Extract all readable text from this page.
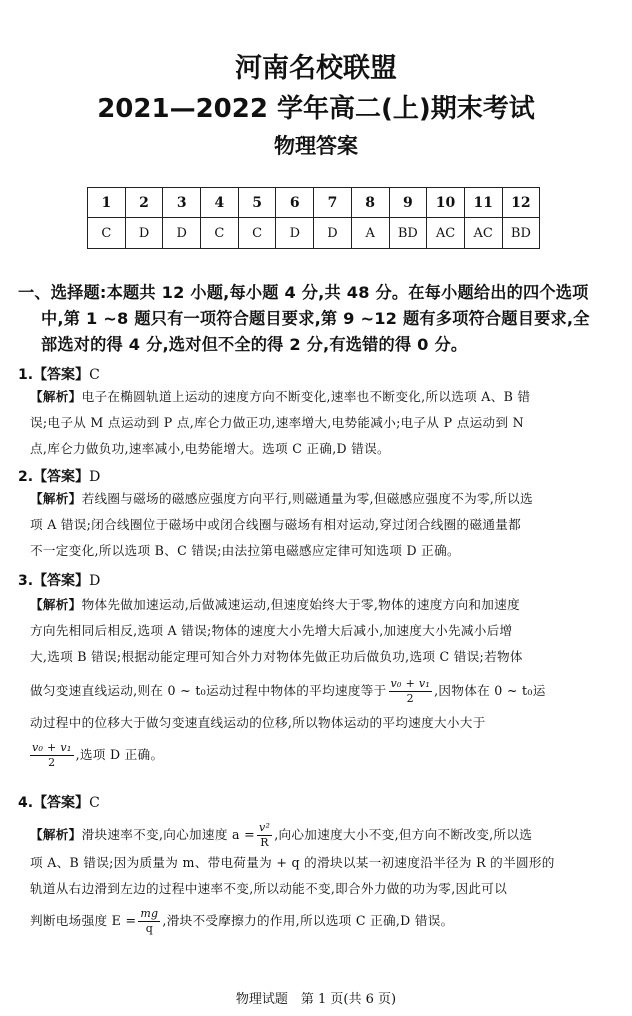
河南名校联盟
2021—2022 学年高二(上)期末考试
物理答案
1	2	3	4	5	6	7	8	9	10	11	12
C	D	D	C	C	D	D	A	BD	AC	AC	BD
一、选择题:本题共 12 小题,每小题 4 分,共 48 分。在每小题给出的四个选项
中,第 1 ~8 题只有一项符合题目要求,第 9 ~12 题有多项符合题目要求,全
部选对的得 4 分,选对但不全的得 2 分,有选错的得 0 分。
1.【答案】C
【解析】电子在椭圆轨道上运动的速度方向不断变化,速率也不断变化,所以选项 A、B 错
误;电子从 M 点运动到 P 点,库仑力做正功,速率增大,电势能减小;电子从 P 点运动到 N
点,库仑力做负功,速率减小,电势能增大。选项 C 正确,D 错误。
2.【答案】D
【解析】若线圈与磁场的磁感应强度方向平行,则磁通量为零,但磁感应强度不为零,所以选
项 A 错误;闭合线圈位于磁场中或闭合线圈与磁场有相对运动,穿过闭合线圈的磁通量都
不一定变化,所以选项 B、C 错误;由法拉第电磁感应定律可知选项 D 正确。
3.【答案】D
【解析】物体先做加速运动,后做减速运动,但速度始终大于零,物体的速度方向和加速度
方向先相同后相反,选项 A 错误;物体的速度大小先增大后减小,加速度大小先减小后增
大,选项 B 错误;根据动能定理可知合外力对物体先做正功后做负功,选项 C 错误;若物体
做匀变速直线运动,则在 0 ~ t₀运动过程中物体的平均速度等于 $\frac{\text{v₀ + v₁}}{2}$ ,因物体在 0 ~ t₀运
动过程中的位移大于做匀变速直线运动的位移,所以物体运动的平均速度大小大于
$\frac{\text{v₀ + v₁}}{2}$ ,选项 D 正确。
4.【答案】C
【解析】滑块速率不变,向心加速度 $a = \frac{\text{v²}}{R}$ ,向心加速度大小不变,但方向不断改变,所以选
项 A、B 错误;因为质量为 m、带电荷量为 + q 的滑块以某一初速度沿半径为 R 的半圆形的
轨道从右边滑到左边的过程中速率不变,所以动能不变,即合外力做的功为零,因此可以
判断电场强度 $E = \frac{mg}{q}$ ,滑块不受摩擦力的作用,所以选项 C 正确,D 错误。
物理试题　第 1 页(共 6 页)
